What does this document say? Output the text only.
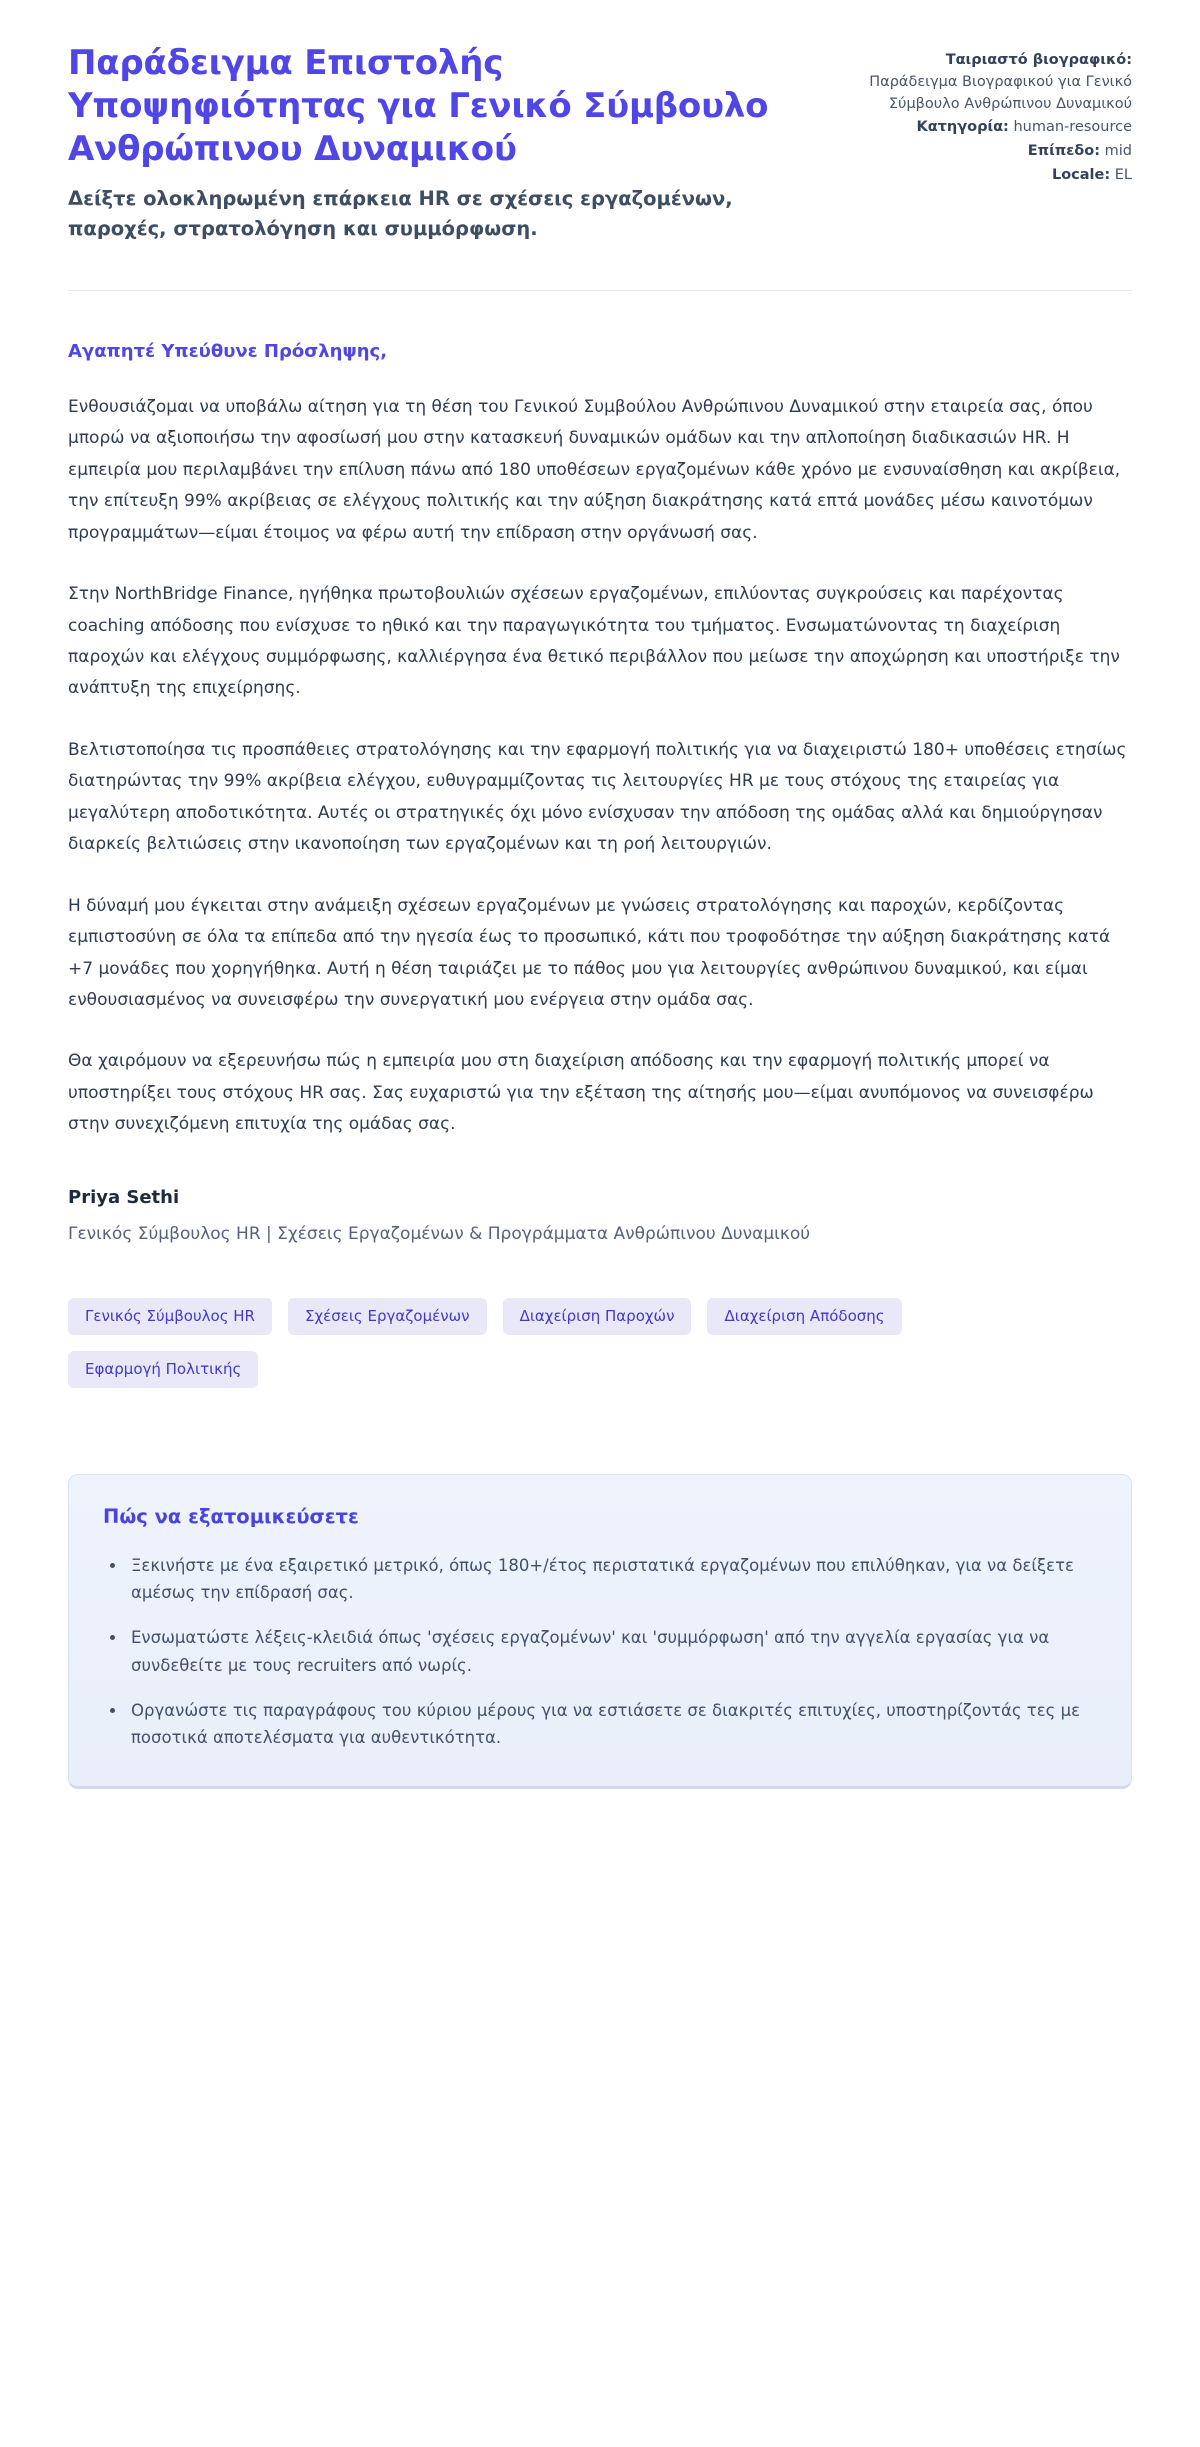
Παράδειγμα Επιστολής Υποψηφιότητας για Γενικό Σύμβουλο Ανθρώπινου Δυναμικού
Δείξτε ολοκληρωμένη επάρκεια HR σε σχέσεις εργαζομένων, παροχές, στρατολόγηση και συμμόρφωση.
Ταιριαστό βιογραφικό:
Παράδειγμα Βιογραφικού για Γενικό Σύμβουλο Ανθρώπινου Δυναμικού
Κατηγορία: human-resource
Επίπεδο: mid
Locale: EL

Αγαπητέ Υπεύθυνε Πρόσληψης,

Ενθουσιάζομαι να υποβάλω αίτηση για τη θέση του Γενικού Συμβούλου Ανθρώπινου Δυναμικού στην εταιρεία σας, όπου μπορώ να αξιοποιήσω την αφοσίωσή μου στην κατασκευή δυναμικών ομάδων και την απλοποίηση διαδικασιών HR. Η εμπειρία μου περιλαμβάνει την επίλυση πάνω από 180 υποθέσεων εργαζομένων κάθε χρόνο με ενσυναίσθηση και ακρίβεια, την επίτευξη 99% ακρίβειας σε ελέγχους πολιτικής και την αύξηση διακράτησης κατά επτά μονάδες μέσω καινοτόμων προγραμμάτων—είμαι έτοιμος να φέρω αυτή την επίδραση στην οργάνωσή σας.

Στην NorthBridge Finance, ηγήθηκα πρωτοβουλιών σχέσεων εργαζομένων, επιλύοντας συγκρούσεις και παρέχοντας coaching απόδοσης που ενίσχυσε το ηθικό και την παραγωγικότητα του τμήματος. Ενσωματώνοντας τη διαχείριση παροχών και ελέγχους συμμόρφωσης, καλλιέργησα ένα θετικό περιβάλλον που μείωσε την αποχώρηση και υποστήριξε την ανάπτυξη της επιχείρησης.

Βελτιστοποίησα τις προσπάθειες στρατολόγησης και την εφαρμογή πολιτικής για να διαχειριστώ 180+ υποθέσεις ετησίως διατηρώντας την 99% ακρίβεια ελέγχου, ευθυγραμμίζοντας τις λειτουργίες HR με τους στόχους της εταιρείας για μεγαλύτερη αποδοτικότητα. Αυτές οι στρατηγικές όχι μόνο ενίσχυσαν την απόδοση της ομάδας αλλά και δημιούργησαν διαρκείς βελτιώσεις στην ικανοποίηση των εργαζομένων και τη ροή λειτουργιών.

Η δύναμή μου έγκειται στην ανάμειξη σχέσεων εργαζομένων με γνώσεις στρατολόγησης και παροχών, κερδίζοντας εμπιστοσύνη σε όλα τα επίπεδα από την ηγεσία έως το προσωπικό, κάτι που τροφοδότησε την αύξηση διακράτησης κατά +7 μονάδες που χορηγήθηκα. Αυτή η θέση ταιριάζει με το πάθος μου για λειτουργίες ανθρώπινου δυναμικού, και είμαι ενθουσιασμένος να συνεισφέρω την συνεργατική μου ενέργεια στην ομάδα σας.

Θα χαιρόμουν να εξερευνήσω πώς η εμπειρία μου στη διαχείριση απόδοσης και την εφαρμογή πολιτικής μπορεί να υποστηρίξει τους στόχους HR σας. Σας ευχαριστώ για την εξέταση της αίτησής μου—είμαι ανυπόμονος να συνεισφέρω στην συνεχιζόμενη επιτυχία της ομάδας σας.

Priya Sethi
Γενικός Σύμβουλος HR | Σχέσεις Εργαζομένων & Προγράμματα Ανθρώπινου Δυναμικού
Γενικός Σύμβουλος HR	Σχέσεις Εργαζομένων	Διαχείριση Παροχών	Διαχείριση Απόδοσης
Εφαρμογή Πολιτικής
Πώς να εξατομικεύσετε
• Ξεκινήστε με ένα εξαιρετικό μετρικό, όπως 180+/έτος περιστατικά εργαζομένων που επιλύθηκαν, για να δείξετε αμέσως την επίδρασή σας.
• Ενσωματώστε λέξεις-κλειδιά όπως 'σχέσεις εργαζομένων' και 'συμμόρφωση' από την αγγελία εργασίας για να συνδεθείτε με τους recruiters από νωρίς.
• Οργανώστε τις παραγράφους του κύριου μέρους για να εστιάσετε σε διακριτές επιτυχίες, υποστηρίζοντάς τες με ποσοτικά αποτελέσματα για αυθεντικότητα.
